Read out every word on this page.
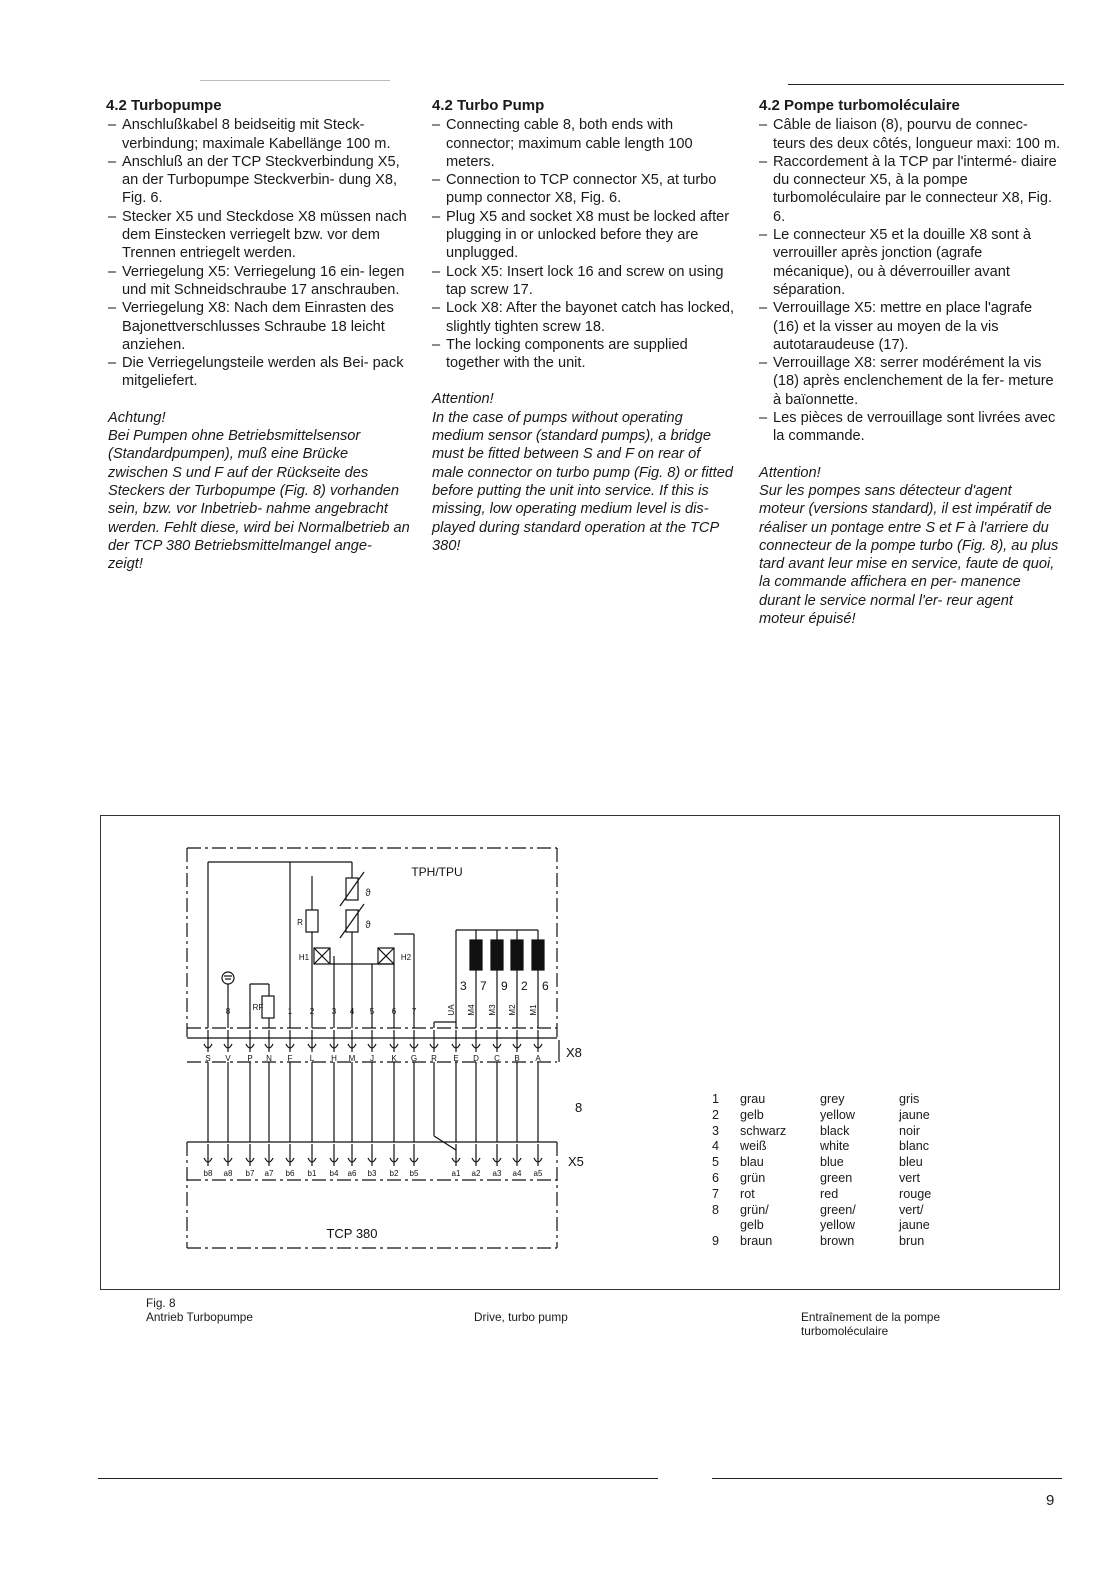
4.2 Turbopumpe
– Anschlußkabel 8 beidseitig mit Steck- verbindung; maximale Kabellänge 100 m.
– Anschluß an der TCP Steckverbindung X5, an der Turbopumpe Steckverbin- dung X8, Fig. 6.
– Stecker X5 und Steckdose X8 müssen nach dem Einstecken verriegelt bzw. vor dem Trennen entriegelt werden.
– Verriegelung X5: Verriegelung 16 ein- legen und mit Schneidschraube 17 anschrauben.
– Verriegelung X8: Nach dem Einrasten des Bajonettverschlusses Schraube 18 leicht anziehen.
– Die Verriegelungsteile werden als Bei- pack mitgeliefert.
Achtung!
Bei Pumpen ohne Betriebsmittelsensor (Standardpumpen), muß eine Brücke zwischen S und F auf der Rückseite des Steckers der Turbopumpe (Fig. 8) vorhanden sein, bzw. vor Inbetrieb- nahme angebracht werden. Fehlt diese, wird bei Normalbetrieb an der TCP 380 Betriebsmittelmangel ange- zeigt!
4.2 Turbo Pump
– Connecting cable 8, both ends with connector; maximum cable length 100 meters.
– Connection to TCP connector X5, at turbo pump connector X8, Fig. 6.
– Plug X5 and socket X8 must be locked after plugging in or unlocked before they are unplugged.
– Lock X5: Insert lock 16 and screw on using tap screw 17.
– Lock X8: After the bayonet catch has locked, slightly tighten screw 18.
– The locking components are supplied together with the unit.
Attention!
In the case of pumps without operating medium sensor (standard pumps), a bridge must be fitted between S and F on rear of male connector on turbo pump (Fig. 8) or fitted before putting the unit into service. If this is missing, low operating medium level is dis- played during standard operation at the TCP 380!
4.2 Pompe turbomoléculaire
– Câble de liaison (8), pourvu de connec- teurs des deux côtés, longueur maxi: 100 m.
– Raccordement à la TCP par l'intermé- diaire du connecteur X5, à la pompe turbomoléculaire par le connecteur X8, Fig. 6.
– Le connecteur X5 et la douille X8 sont à verrouiller après jonction (agrafe mécanique), ou à déverrouiller avant séparation.
– Verrouillage X5: mettre en place l'agrafe (16) et la visser au moyen de la vis autotaraudeuse (17).
– Verrouillage X8: serrer modérément la vis (18) après enclenchement de la fer- meture à baïonnette.
– Les pièces de verrouillage sont livrées avec la commande.
Attention!
Sur les pompes sans détecteur d'agent moteur (versions standard), il est impératif de réaliser un pontage entre S et F à l'arriere du connecteur de la pompe turbo (Fig. 8), au plus tard avant leur mise en service, faute de quoi, la commande affichera en per- manence durant le service normal l'er- reur agent moteur épuisé!
TPH/TPU
S V P N F L H M J K G R E D C B A X8
b8 a8 b7 a7 b6 b1 b4 a6 b3 b2 b5	a1 a2 a3 a4 a5
X5
TCP 380
8
RF
R
ϑ
ϑ
H1	H2
8	1 2 3 4 5 6 7
3 7 9 2 6
UA M4 M3 M2 M1
1	grau	grey	gris
2	gelb	yellow	jaune
3	schwarz	black	noir
4	weiß	white	blanc
5	blau	blue	bleu
6	grün	green	vert
7	rot	red	rouge
8	grün/	green/	vert/
gelb	yellow	jaune
9	braun	brown	brun
Fig. 8
Antrieb Turbopumpe	Drive, turbo pump	Entraînement de la pompe turbomoléculaire
9
